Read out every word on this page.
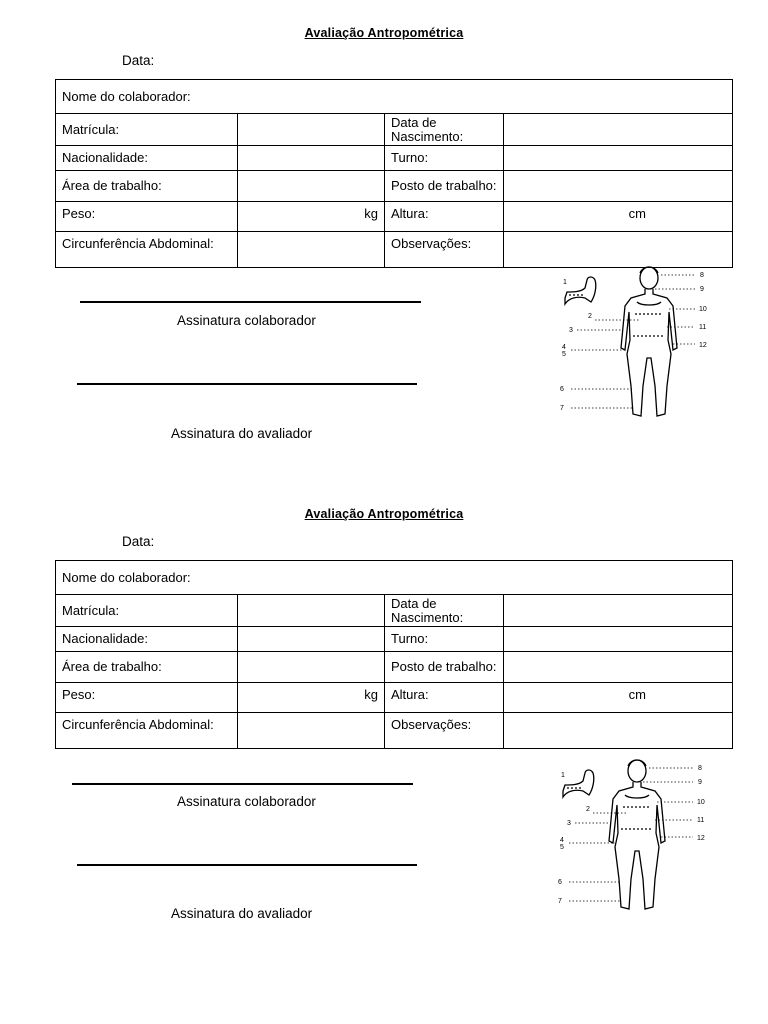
Avaliação Antropométrica
Data:
Nome do colaborador:			
Matrícula:		Data de Nascimento:	
Nacionalidade:		Turno:	
Área de trabalho:		Posto de trabalho:	
Peso:	kg	Altura:	cm
Circunferência Abdominal:		Observações:	
Assinatura colaborador
Assinatura do avaliador
1
2
3
4
5
6
7
8
9
10
11
12
Avaliação Antropométrica
Data:
Nome do colaborador:			
Matrícula:		Data de Nascimento:	
Nacionalidade:		Turno:	
Área de trabalho:		Posto de trabalho:	
Peso:	kg	Altura:	cm
Circunferência Abdominal:		Observações:	
Assinatura colaborador
Assinatura do avaliador
1
2
3
4
5
6
7
8
9
10
11
12
